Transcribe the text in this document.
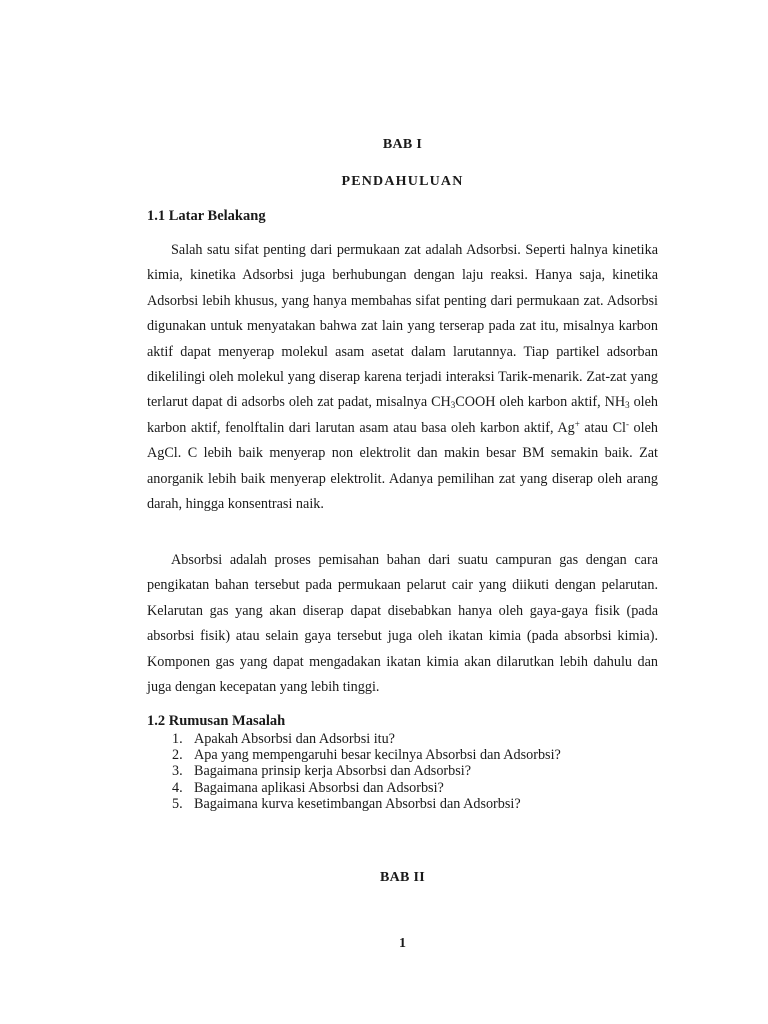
BAB I
PENDAHULUAN
1.1 Latar Belakang

Salah satu sifat penting dari permukaan zat adalah Adsorbsi. Seperti halnya kinetika kimia, kinetika Adsorbsi juga berhubungan dengan laju reaksi. Hanya saja, kinetika Adsorbsi lebih khusus, yang hanya membahas sifat penting dari permukaan zat. Adsorbsi digunakan untuk menyatakan bahwa zat lain yang terserap pada zat itu, misalnya karbon aktif dapat menyerap molekul asam asetat dalam larutannya. Tiap partikel adsorban dikelilingi oleh molekul yang diserap karena terjadi interaksi Tarik-menarik. Zat-zat yang terlarut dapat di adsorbs oleh zat padat, misalnya $CH_3COOH$ oleh karbon aktif, $NH_3$ oleh karbon aktif, fenolftalin dari larutan asam atau basa oleh karbon aktif, Ag+ atau Cl- oleh AgCl. C lebih baik menyerap non elektrolit dan makin besar BM semakin baik. Zat anorganik lebih baik menyerap elektrolit. Adanya pemilihan zat yang diserap oleh arang darah, hingga konsentrasi naik.

Absorbsi adalah proses pemisahan bahan dari suatu campuran gas dengan cara pengikatan bahan tersebut pada permukaan pelarut cair yang diikuti dengan pelarutan. Kelarutan gas yang akan diserap dapat disebabkan hanya oleh gaya-gaya fisik (pada absorbsi fisik) atau selain gaya tersebut juga oleh ikatan kimia (pada absorbsi kimia). Komponen gas yang dapat mengadakan ikatan kimia akan dilarutkan lebih dahulu dan juga dengan kecepatan yang lebih tinggi.

1.2 Rumusan Masalah
1. Apakah Absorbsi dan Adsorbsi itu?
2. Apa yang mempengaruhi besar kecilnya Absorbsi dan Adsorbsi?
3. Bagaimana prinsip kerja Absorbsi dan Adsorbsi?
4. Bagaimana aplikasi Absorbsi dan Adsorbsi?
5. Bagaimana kurva kesetimbangan Absorbsi dan Adsorbsi?
BAB II
1
